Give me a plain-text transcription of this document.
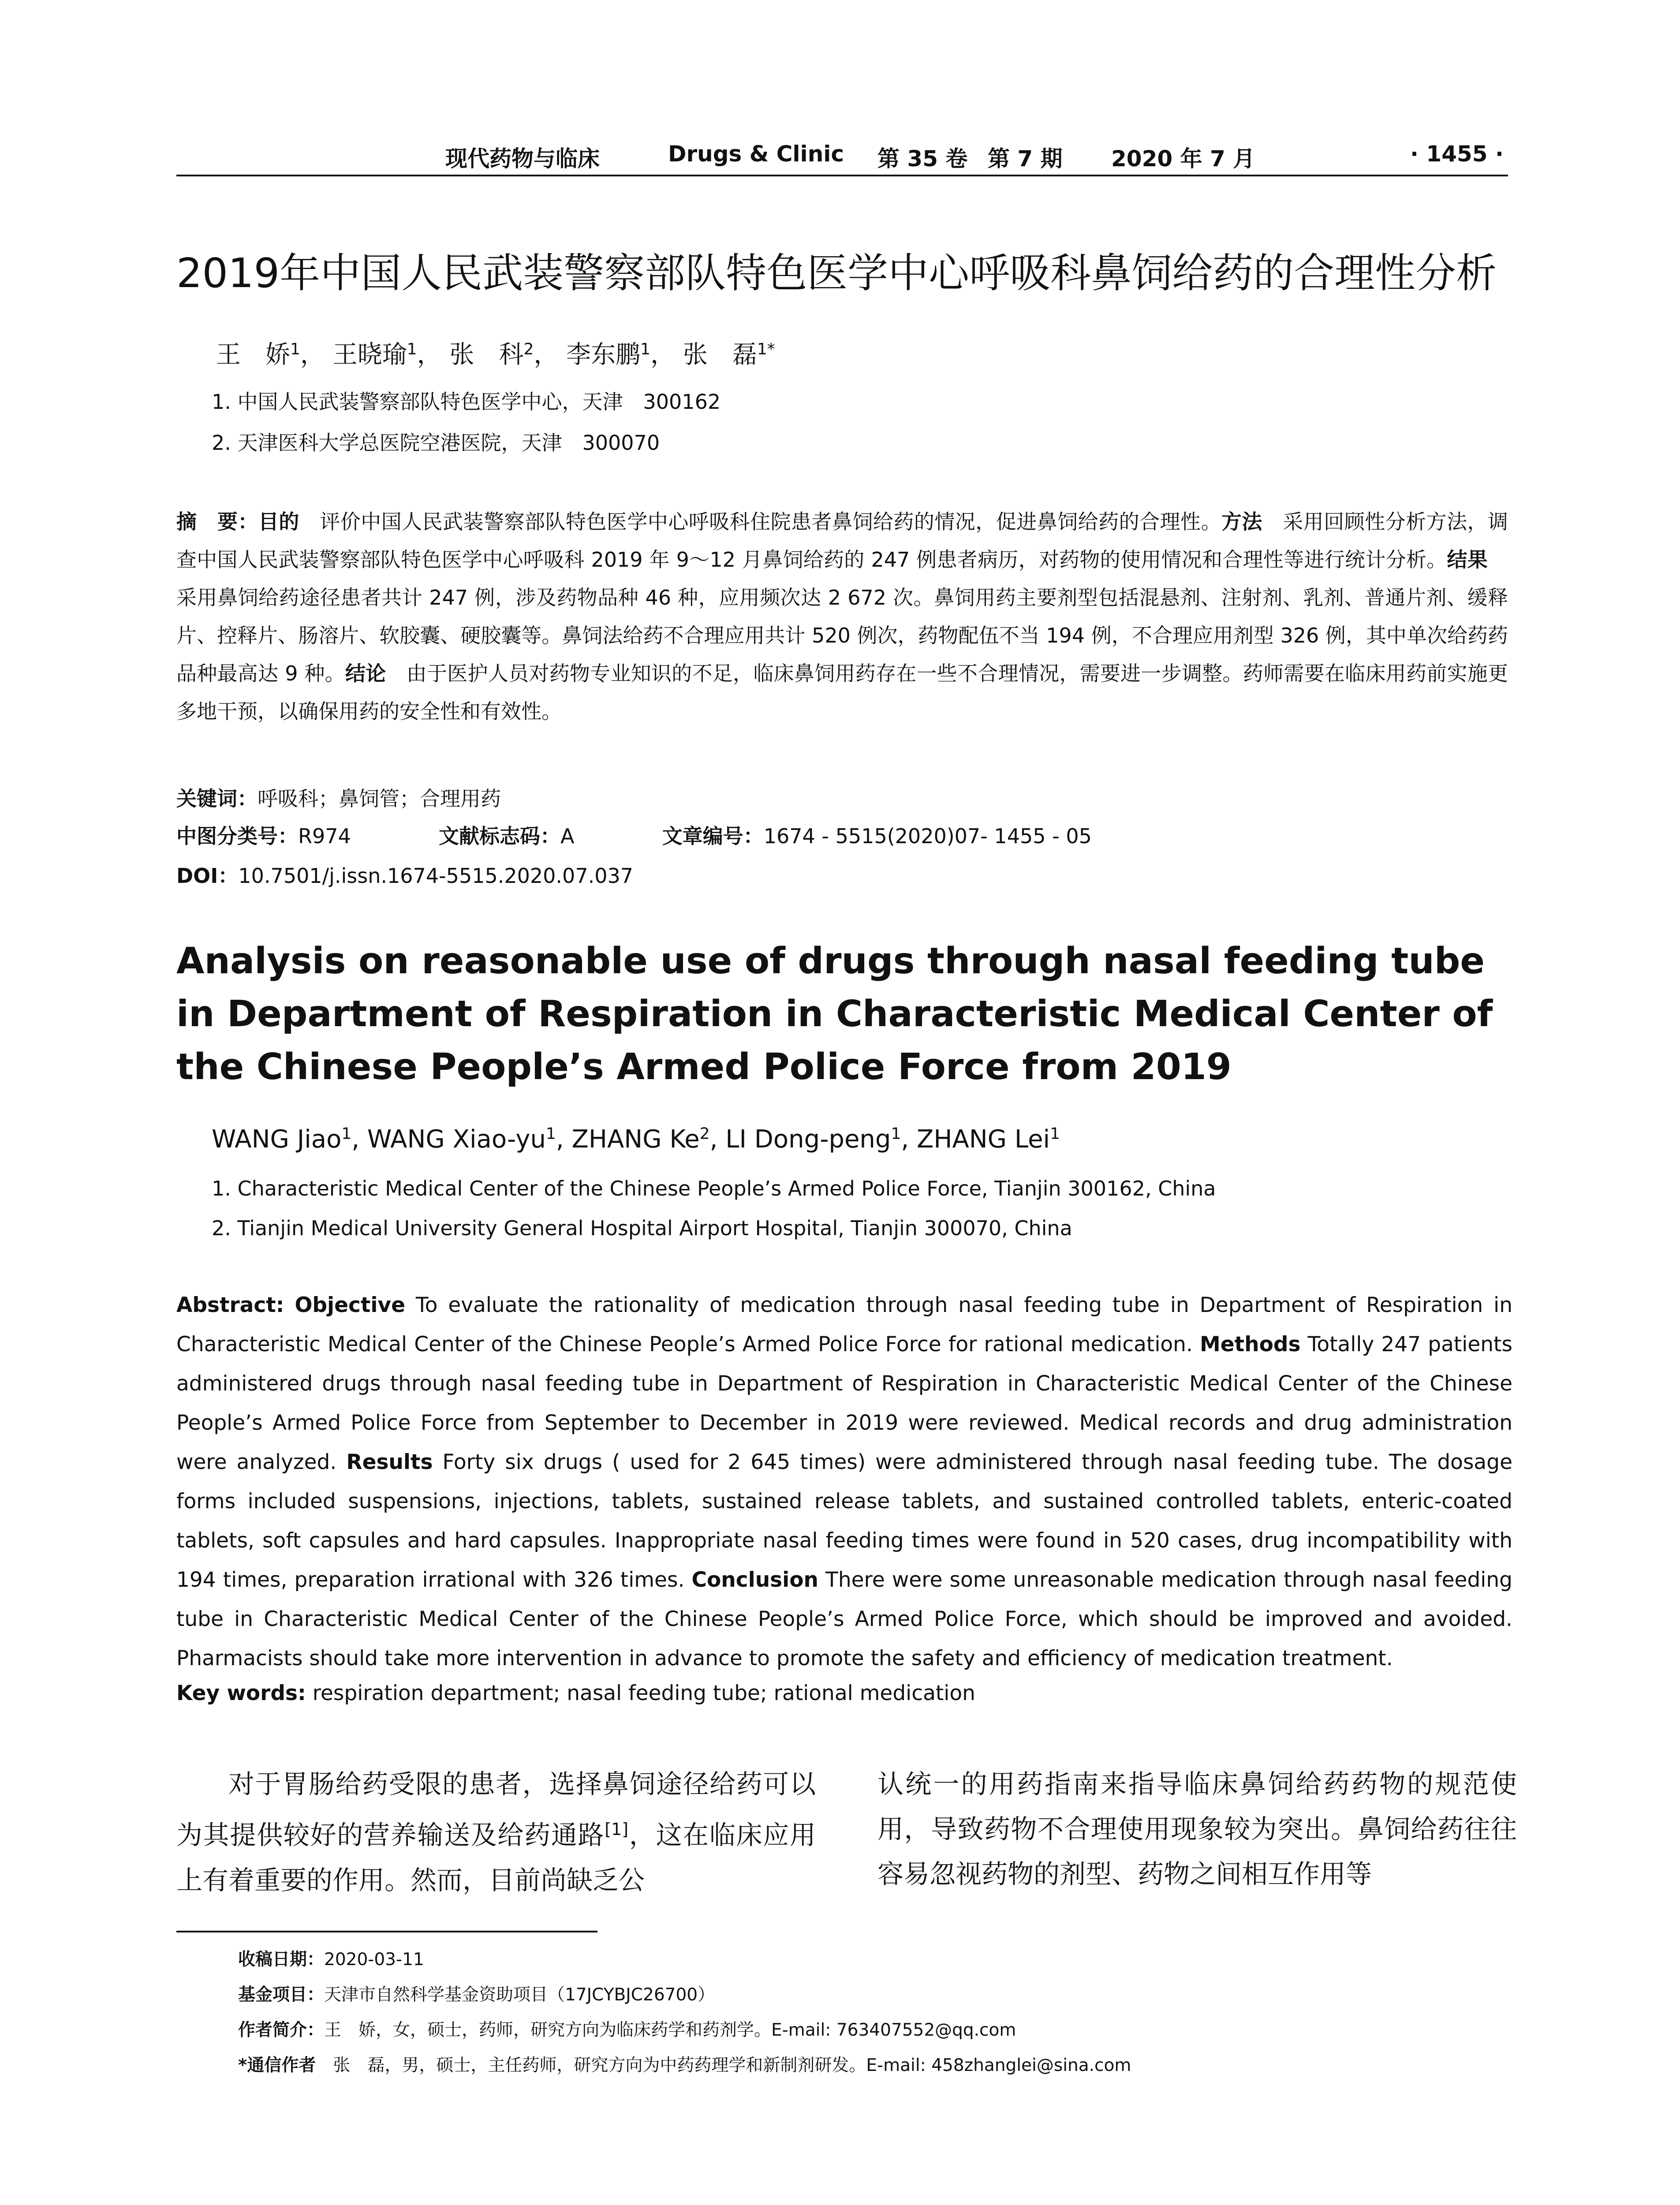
现代药物与临床	Drugs & Clinic 第 35 卷 第 7 期 2020 年 7 月	· 1455 ·
2019年中国人民武装警察部队特色医学中心呼吸科鼻饲给药的合理性分析
王　娇$^1$， 王晓瑜$^1$， 张　科$^2$， 李东鹏$^1$， 张　磊$^{1*}$
1. 中国人民武装警察部队特色医学中心，天津　300162
2. 天津医科大学总医院空港医院，天津　300070
摘　要：目的　评价中国人民武装警察部队特色医学中心呼吸科住院患者鼻饲给药的情况，促进鼻饲给药的合理性。方法　采用回顾性分析方法，调查中国人民武装警察部队特色医学中心呼吸科 2019 年 9～12 月鼻饲给药的 247 例患者病历，对药物的使用情况和合理性等进行统计分析。结果　采用鼻饲给药途径患者共计 247 例，涉及药物品种 46 种，应用频次达 2 672 次。鼻饲用药主要剂型包括混悬剂、注射剂、乳剂、普通片剂、缓释片、控释片、肠溶片、软胶囊、硬胶囊等。鼻饲法给药不合理应用共计 520 例次，药物配伍不当 194 例，不合理应用剂型 326 例，其中单次给药药品种最高达 9 种。结论　由于医护人员对药物专业知识的不足，临床鼻饲用药存在一些不合理情况，需要进一步调整。药师需要在临床用药前实施更多地干预，以确保用药的安全性和有效性。
关键词：呼吸科；鼻饲管；合理用药
中图分类号：R974	文献标志码：A	文章编号：1674 - 5515(2020)07- 1455 - 05
DOI：10.7501/j.issn.1674-5515.2020.07.037
Analysis on reasonable use of drugs through nasal feeding tube in Department of Respiration in Characteristic Medical Center of the Chinese People’s Armed Police Force from 2019
WANG Jiao$^1$, WANG Xiao-$yu^1$, ZHANG Ke$^2$, LI Dong-peng$^1$, ZHANG Lei$^1$
1. Characteristic Medical Center of the Chinese People’s Armed Police Force, Tianjin 300162, China
2. Tianjin Medical University General Hospital Airport Hospital, Tianjin 300070, China
Abstract: Objective To evaluate the rationality of medication through nasal feeding tube in Department of Respiration in Characteristic Medical Center of the Chinese People’s Armed Police Force for rational medication. Methods Totally 247 patients administered drugs through nasal feeding tube in Department of Respiration in Characteristic Medical Center of the Chinese People’s Armed Police Force from September to December in 2019 were reviewed. Medical records and drug administration were analyzed. Results Forty six drugs ( used for 2 645 times) were administered through nasal feeding tube. The dosage forms included suspensions, injections, tablets, sustained release tablets, and sustained controlled tablets, enteric-coated tablets, soft capsules and hard capsules. Inappropriate nasal feeding times were found in 520 cases, drug incompatibility with 194 times, preparation irrational with 326 times. Conclusion There were some unreasonable medication through nasal feeding tube in Characteristic Medical Center of the Chinese People’s Armed Police Force, which should be improved and avoided. Pharmacists should take more intervention in advance to promote the safety and efficiency of medication treatment.
Key words: respiration department; nasal feeding tube; rational medication
对于胃肠给药受限的患者，选择鼻饲途径给药可以为其提供较好的营养输送及给药通路[1]，这在临床应用上有着重要的作用。然而，目前尚缺乏公
认统一的用药指南来指导临床鼻饲给药药物的规范使用，导致药物不合理使用现象较为突出。鼻饲给药往往容易忽视药物的剂型、药物之间相互作用等
收稿日期：2020-03-11
基金项目：天津市自然科学基金资助项目（17JCYBJC26700）
作者简介：王　娇，女，硕士，药师，研究方向为临床药学和药剂学。E-mail: 763407552@qq.com
*通信作者　张　磊，男，硕士，主任药师，研究方向为中药药理学和新制剂研发。E-mail: 458zhanglei@sina.com
